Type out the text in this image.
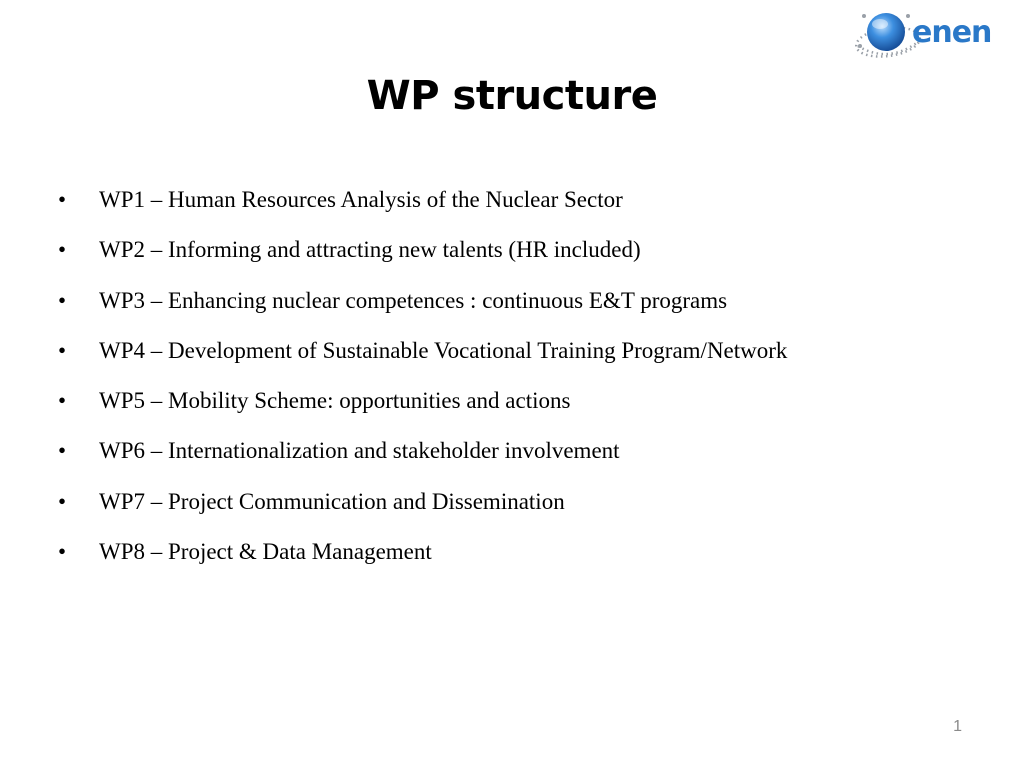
enen
WP structure
• WP1 – Human Resources Analysis of the Nuclear Sector
• WP2 – Informing and attracting new talents (HR included)
• WP3 – Enhancing nuclear competences : continuous E&T programs
• WP4 – Development of Sustainable Vocational Training Program/Network
• WP5 – Mobility Scheme: opportunities and actions
• WP6 – Internationalization and stakeholder involvement
• WP7 – Project Communication and Dissemination
• WP8 – Project & Data Management
1
